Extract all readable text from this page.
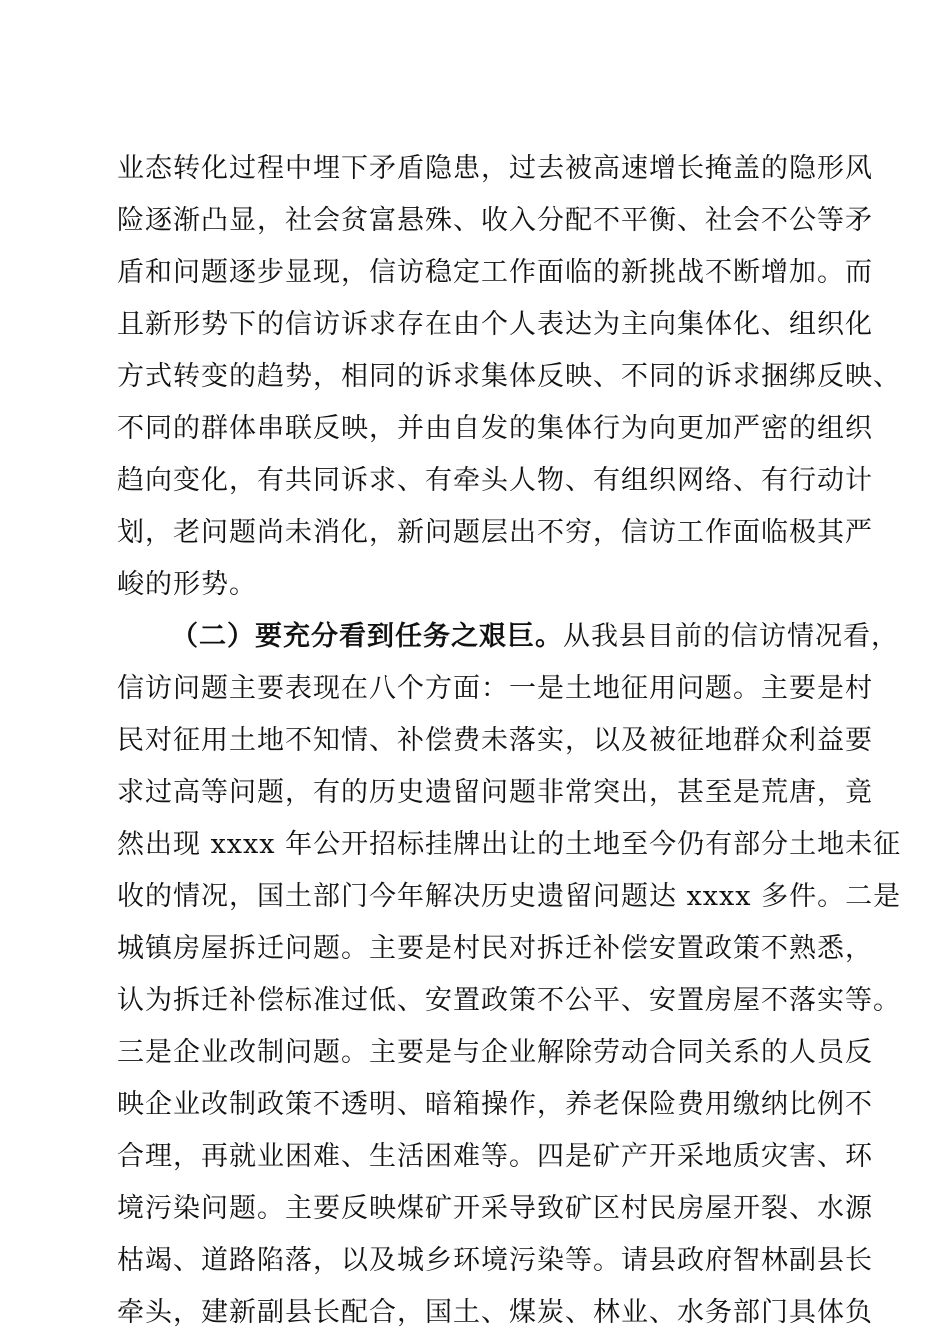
业态转化过程中埋下矛盾隐患，过去被高速增长掩盖的隐形风
险逐渐凸显，社会贫富悬殊、收入分配不平衡、社会不公等矛
盾和问题逐步显现，信访稳定工作面临的新挑战不断增加。而
且新形势下的信访诉求存在由个人表达为主向集体化、组织化
方式转变的趋势，相同的诉求集体反映、不同的诉求捆绑反映、
不同的群体串联反映，并由自发的集体行为向更加严密的组织
趋向变化，有共同诉求、有牵头人物、有组织网络、有行动计
划，老问题尚未消化，新问题层出不穷，信访工作面临极其严
峻的形势。
（二）要充分看到任务之艰巨。从我县目前的信访情况看，
信访问题主要表现在八个方面：一是土地征用问题。主要是村
民对征用土地不知情、补偿费未落实，以及被征地群众利益要
求过高等问题，有的历史遗留问题非常突出，甚至是荒唐，竟
然出现 xxxx 年公开招标挂牌出让的土地至今仍有部分土地未征
收的情况，国土部门今年解决历史遗留问题达 xxxx 多件。二是
城镇房屋拆迁问题。主要是村民对拆迁补偿安置政策不熟悉，
认为拆迁补偿标准过低、安置政策不公平、安置房屋不落实等。
三是企业改制问题。主要是与企业解除劳动合同关系的人员反
映企业改制政策不透明、暗箱操作，养老保险费用缴纳比例不
合理，再就业困难、生活困难等。四是矿产开采地质灾害、环
境污染问题。主要反映煤矿开采导致矿区村民房屋开裂、水源
枯竭、道路陷落，以及城乡环境污染等。请县政府智林副县长
牵头，建新副县长配合，国土、煤炭、林业、水务部门具体负
